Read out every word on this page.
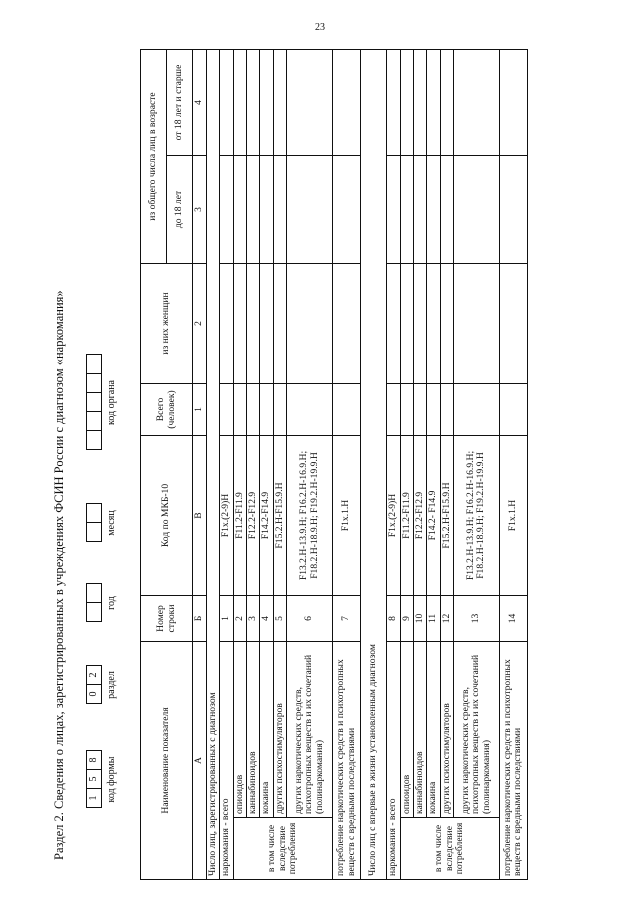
23
Раздел 2. Сведения о лицах, зарегистрированных в учреждениях ФСИН России с диагнозом «наркомания» 1
5
8 код формы
0
2 раздел
год
месяц
код органа
Наименование показателя		Номер строки	Код по МКБ-10	Всего (человек)	из них женщин	из общего числа лиц в возрасте	
						до 18 лет	от 18 лет и старше
А		Б	В	1	2	3	4
Число лиц, зарегистрированных с диагнозом							
наркомания - всего		1	F1x.(2-9)Н				
в том числе вследствие потребления	опиоидов	2	F11.2-F11.9				
	каннабиноидов	3	F12.2-F12.9				
	кокаина	4	F14.2-F14.9				
	других психостимуляторов	5	F15.2.Н-F15.9.Н				
	других наркотических средств, психотропных веществ и их сочетаний (полинаркомания)	6	F13.2.Н-13.9.Н; F16.2.Н-16.9.Н; F18.2.Н-18.9.Н; F19.2.Н-19.9.Н				
потребление наркотических средств и психотропных веществ с вредными последствиями		7	F1x.1.Н				
Число лиц с впервые в жизни установленным диагнозом							
наркомания - всего		8	F1x.(2-9)Н				
в том числе вследствие потребления	опиоидов	9	F11.2-F11.9				
	каннабиноидов	10	F12.2-F12.9				
	кокаина	11	F14.2- F14.9				
	других психостимуляторов	12	F15.2.Н-F15.9.Н				
	других наркотических средств, психотропных веществ и их сочетаний (полинаркомания)	13	F13.2.Н-13.9.Н; F16.2.Н-16.9.Н; F18.2.Н-18.9.Н; F19.2.Н-19.9.Н				
потребление наркотических средств и психотропных веществ с вредными последствиями		14	F1x.1.Н				
